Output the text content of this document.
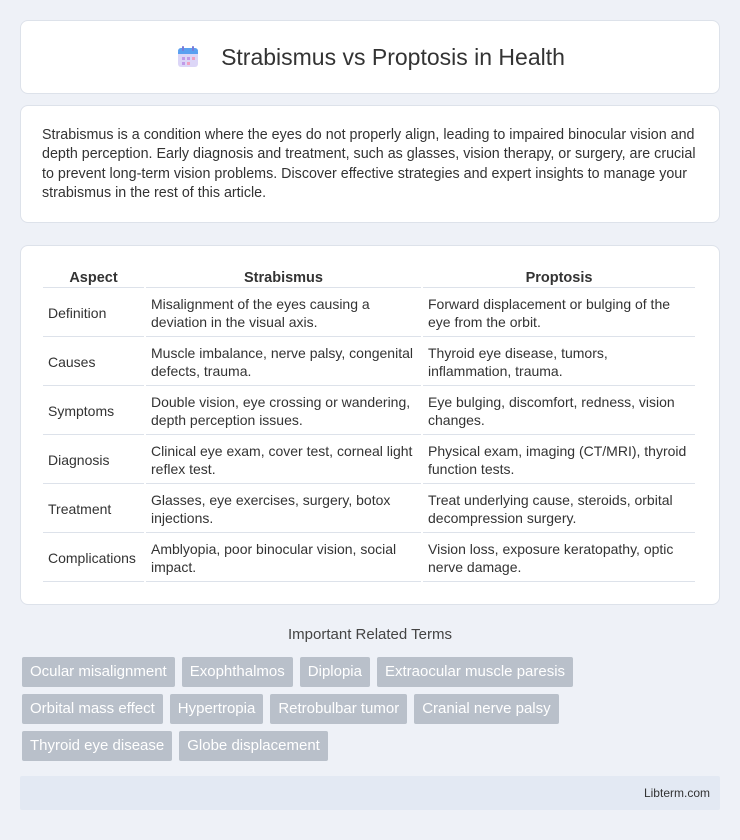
Strabismus vs Proptosis in Health

Strabismus is a condition where the eyes do not properly align, leading to impaired binocular vision and depth perception. Early diagnosis and treatment, such as glasses, vision therapy, or surgery, are crucial to prevent long-term vision problems. Discover effective strategies and expert insights to manage your strabismus in the rest of this article.

Aspect	Strabismus	Proptosis
Definition	Misalignment of the eyes causing a deviation in the visual axis.	Forward displacement or bulging of the eye from the orbit.
Causes	Muscle imbalance, nerve palsy, congenital defects, trauma.	Thyroid eye disease, tumors, inflammation, trauma.
Symptoms	Double vision, eye crossing or wandering, depth perception issues.	Eye bulging, discomfort, redness, vision changes.
Diagnosis	Clinical eye exam, cover test, corneal light reflex test.	Physical exam, imaging (CT/MRI), thyroid function tests.
Treatment	Glasses, eye exercises, surgery, botox injections.	Treat underlying cause, steroids, orbital decompression surgery.
Complications	Amblyopia, poor binocular vision, social impact.	Vision loss, exposure keratopathy, optic nerve damage.
Important Related Terms
Ocular misalignment	Exophthalmos	Diplopia	Extraocular muscle paresis
Orbital mass effect	Hypertropia	Retrobulbar tumor	Cranial nerve palsy
Thyroid eye disease	Globe displacement
Libterm.com
